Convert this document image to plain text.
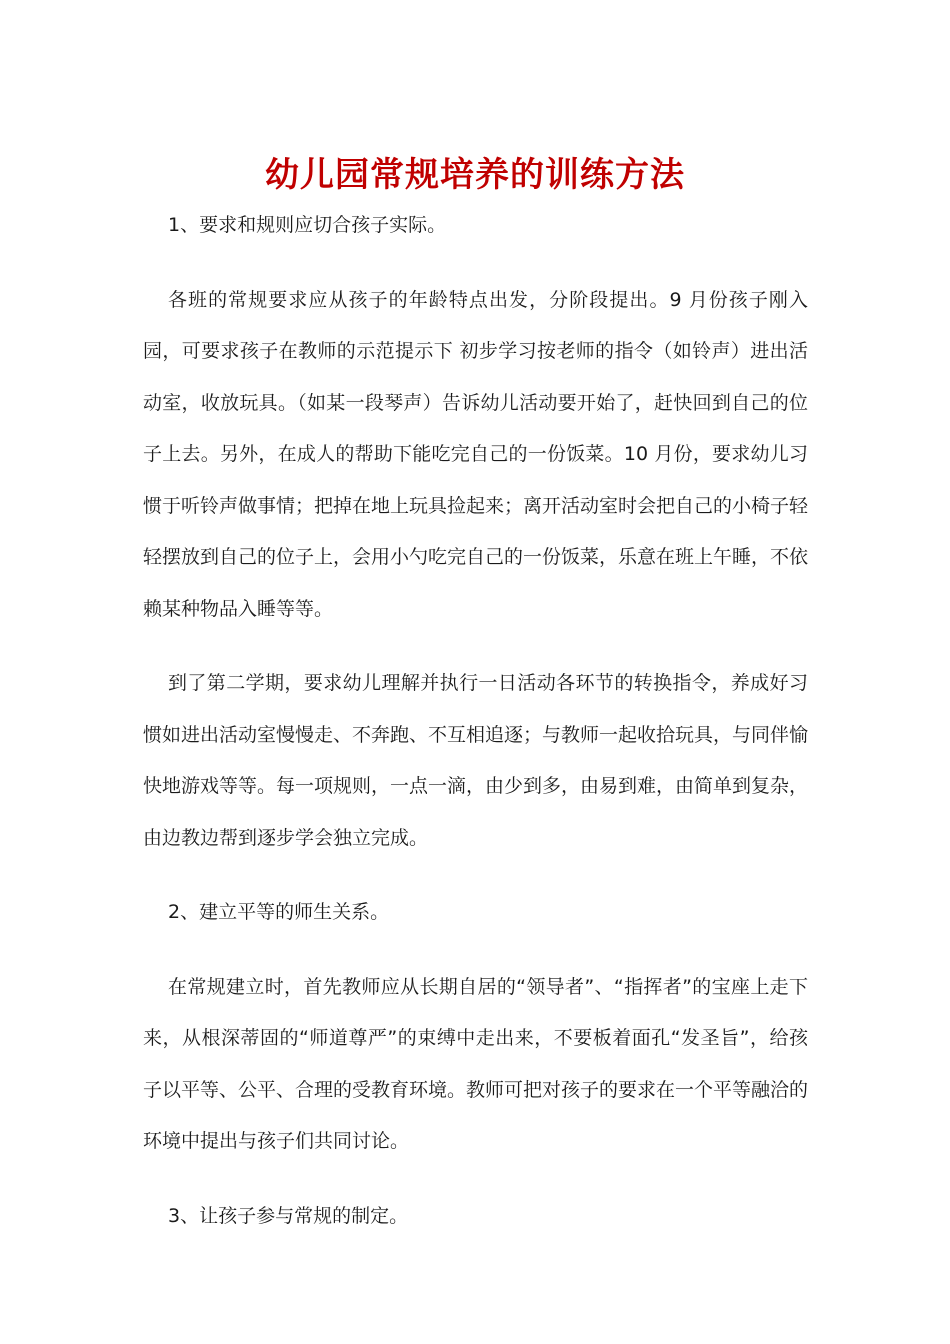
幼儿园常规培养的训练方法

1、要求和规则应切合孩子实际。

各班的常规要求应从孩子的年龄特点出发，分阶段提出。9 月份孩子刚入园，可要求孩子在教师的示范提示下 初步学习按老师的指令（如铃声）进出活动室，收放玩具。（如某一段琴声）告诉幼儿活动要开始了，赶快回到自己的位子上去。另外，在成人的帮助下能吃完自己的一份饭菜。10 月份，要求幼儿习惯于听铃声做事情；把掉在地上玩具捡起来；离开活动室时会把自己的小椅子轻轻摆放到自己的位子上，会用小勺吃完自己的一份饭菜，乐意在班上午睡，不依赖某种物品入睡等等。

到了第二学期，要求幼儿理解并执行一日活动各环节的转换指令，养成好习惯如进出活动室慢慢走、不奔跑、不互相追逐；与教师一起收拾玩具，与同伴愉快地游戏等等。每一项规则，一点一滴，由少到多，由易到难，由简单到复杂，由边教边帮到逐步学会独立完成。

2、建立平等的师生关系。

在常规建立时，首先教师应从长期自居的“领导者”、“指挥者”的宝座上走下来，从根深蒂固的“师道尊严”的束缚中走出来，不要板着面孔“发圣旨”，给孩子以平等、公平、合理的受教育环境。教师可把对孩子的要求在一个平等融洽的环境中提出与孩子们共同讨论。

3、让孩子参与常规的制定。
